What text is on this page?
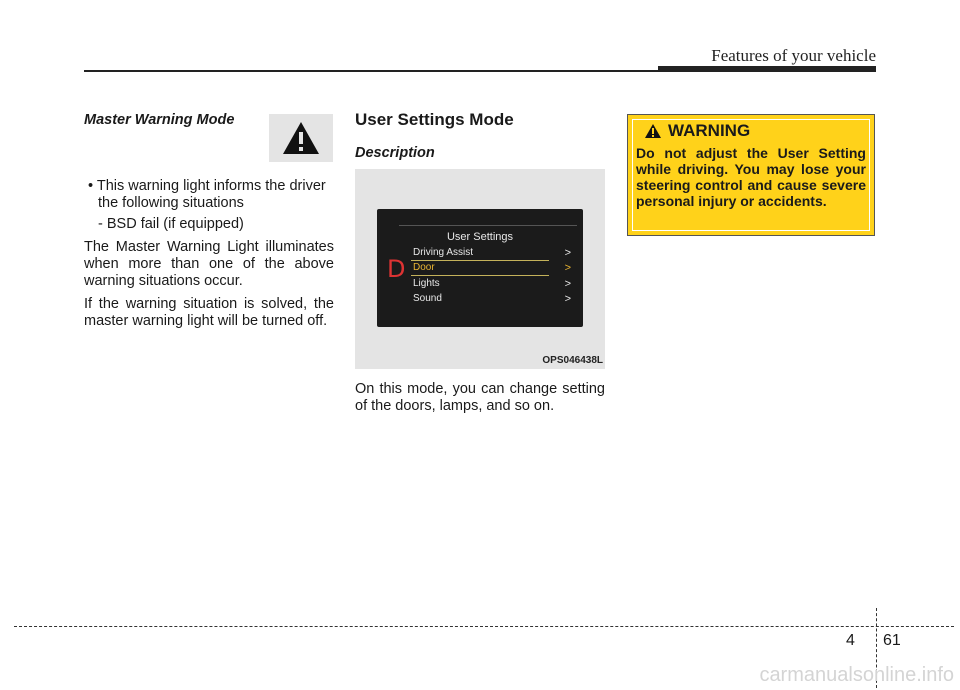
Features of your vehicle
Master Warning Mode
• This warning light informs the driver the following situations
- BSD fail (if equipped)
The Master Warning Light illuminates when more than one of the above warning situations occur.
If the warning situation is solved, the master warning light will be turned off.
User Settings Mode
Description
User Settings
D
Driving Assist	>
Door	>
Lights	>
Sound	>
OPS046438L
On this mode, you can change setting of the doors, lamps, and so on.
WARNING
Do not adjust the User Setting while driving. You may lose your steering control and cause severe personal injury or accidents.
4 61
carmanualsonline.info
